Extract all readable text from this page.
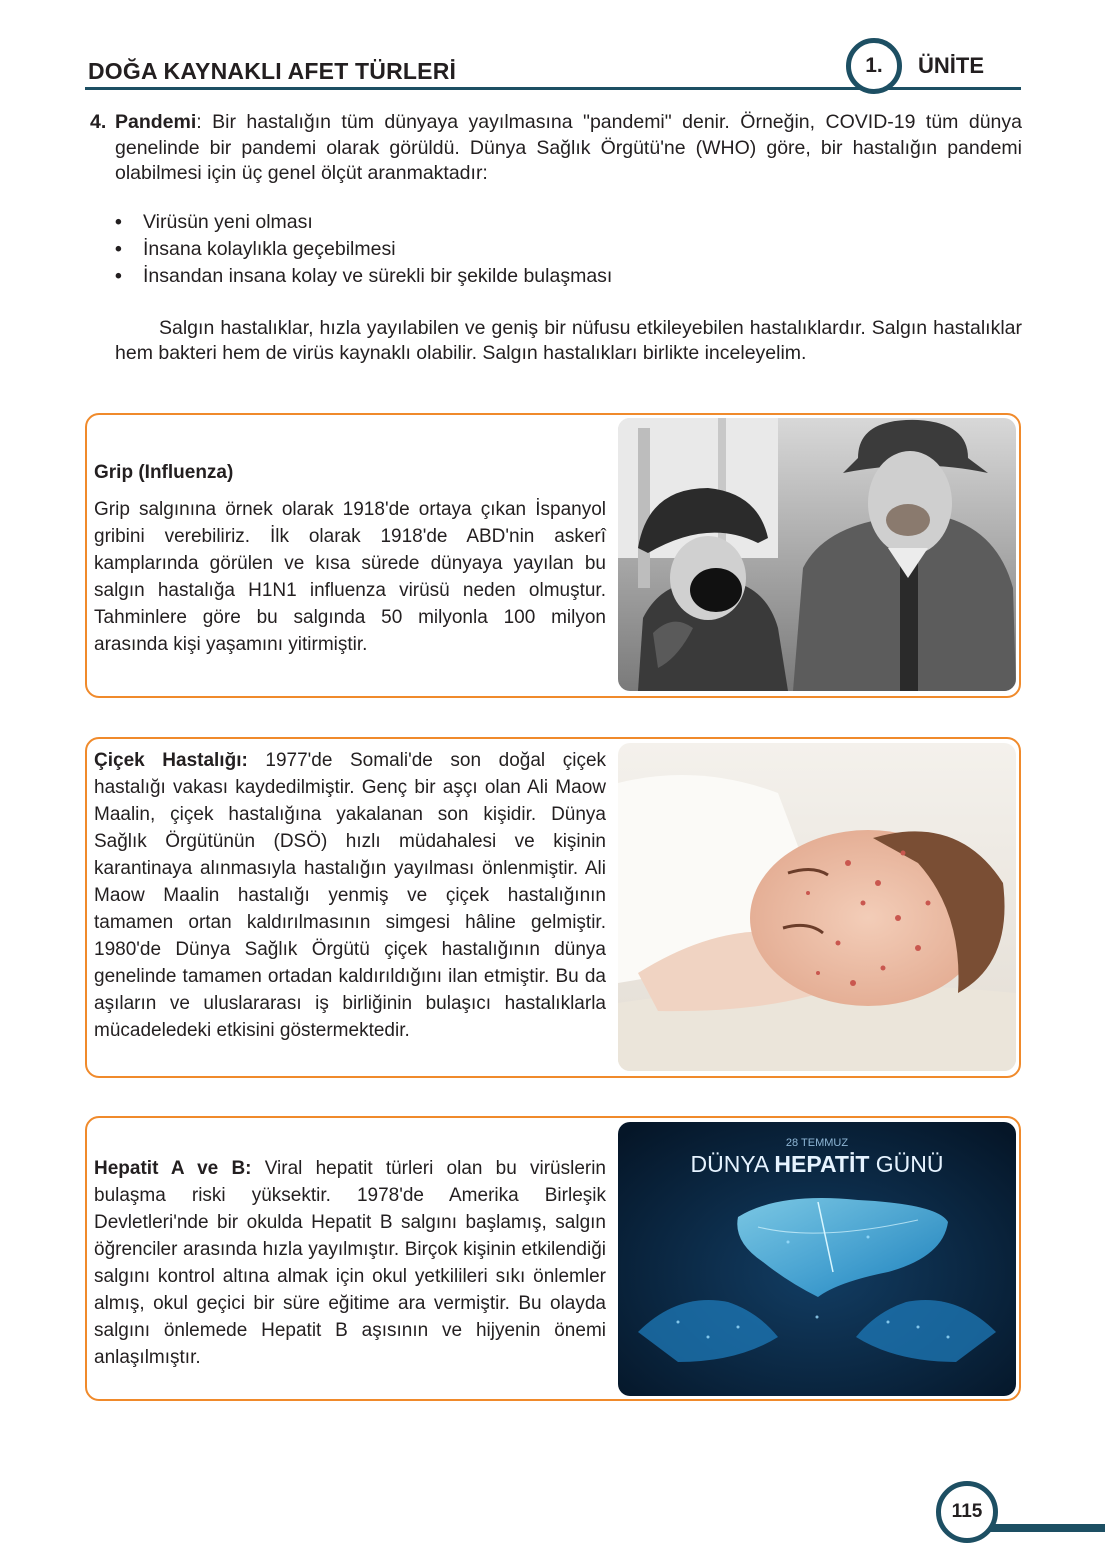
DOĞA KAYNAKLI AFET TÜRLERİ	1.	ÜNİTE
4. Pandemi: Bir hastalığın tüm dünyaya yayılmasına "pandemi" denir. Örneğin, COVID-19 tüm dünya genelinde bir pandemi olarak görüldü. Dünya Sağlık Örgütü'ne (WHO) göre, bir hastalığın pandemi olabilmesi için üç genel ölçüt aranmaktadır:
• Virüsün yeni olması
• İnsana kolaylıkla geçebilmesi
• İnsandan insana kolay ve sürekli bir şekilde bulaşması
Salgın hastalıklar, hızla yayılabilen ve geniş bir nüfusu etkileyebilen hastalıklardır. Salgın hastalıklar hem bakteri hem de virüs kaynaklı olabilir. Salgın hastalıkları birlikte inceleyelim.
Grip (Influenza)
Grip salgınına örnek olarak 1918'de ortaya çıkan İspanyol gribini verebiliriz. İlk olarak 1918'de ABD'nin askerî kamplarında görülen ve kısa sürede dünyaya yayılan bu salgın hastalığa H1N1 influenza virüsü neden olmuştur. Tahminlere göre bu salgında 50 milyonla 100 milyon arasında kişi yaşamını yitirmiştir.
Çiçek Hastalığı: 1977'de Somali'de son doğal çiçek hastalığı vakası kaydedilmiştir. Genç bir aşçı olan Ali Maow Maalin, çiçek hastalığına yakalanan son kişidir. Dünya Sağlık Örgütünün (DSÖ) hızlı müdahalesi ve kişinin karantinaya alınmasıyla hastalığın yayılması önlenmiştir. Ali Maow Maalin hastalığı yenmiş ve çiçek hastalığının tamamen ortan kaldırılmasının simgesi hâline gelmiştir. 1980'de Dünya Sağlık Örgütü çiçek hastalığının dünya genelinde tamamen ortadan kaldırıldığını ilan etmiştir. Bu da aşıların ve uluslararası iş birliğinin bulaşıcı hastalıklarla mücadeledeki etkisini göstermektedir.
Hepatit A ve B: Viral hepatit türleri olan bu virüslerin bulaşma riski yüksektir. 1978'de Amerika Birleşik Devletleri'nde bir okulda Hepatit B salgını başlamış, salgın öğrenciler arasında hızla yayılmıştır. Birçok kişinin etkilendiği salgını kontrol altına almak için okul yetkilileri sıkı önlemler almış, okul geçici bir süre eğitime ara vermiştir. Bu olayda salgını önlemede Hepatit B aşısının ve hijyenin önemi anlaşılmıştır.
28 TEMMUZ
DÜNYA HEPATİT GÜNÜ
115
